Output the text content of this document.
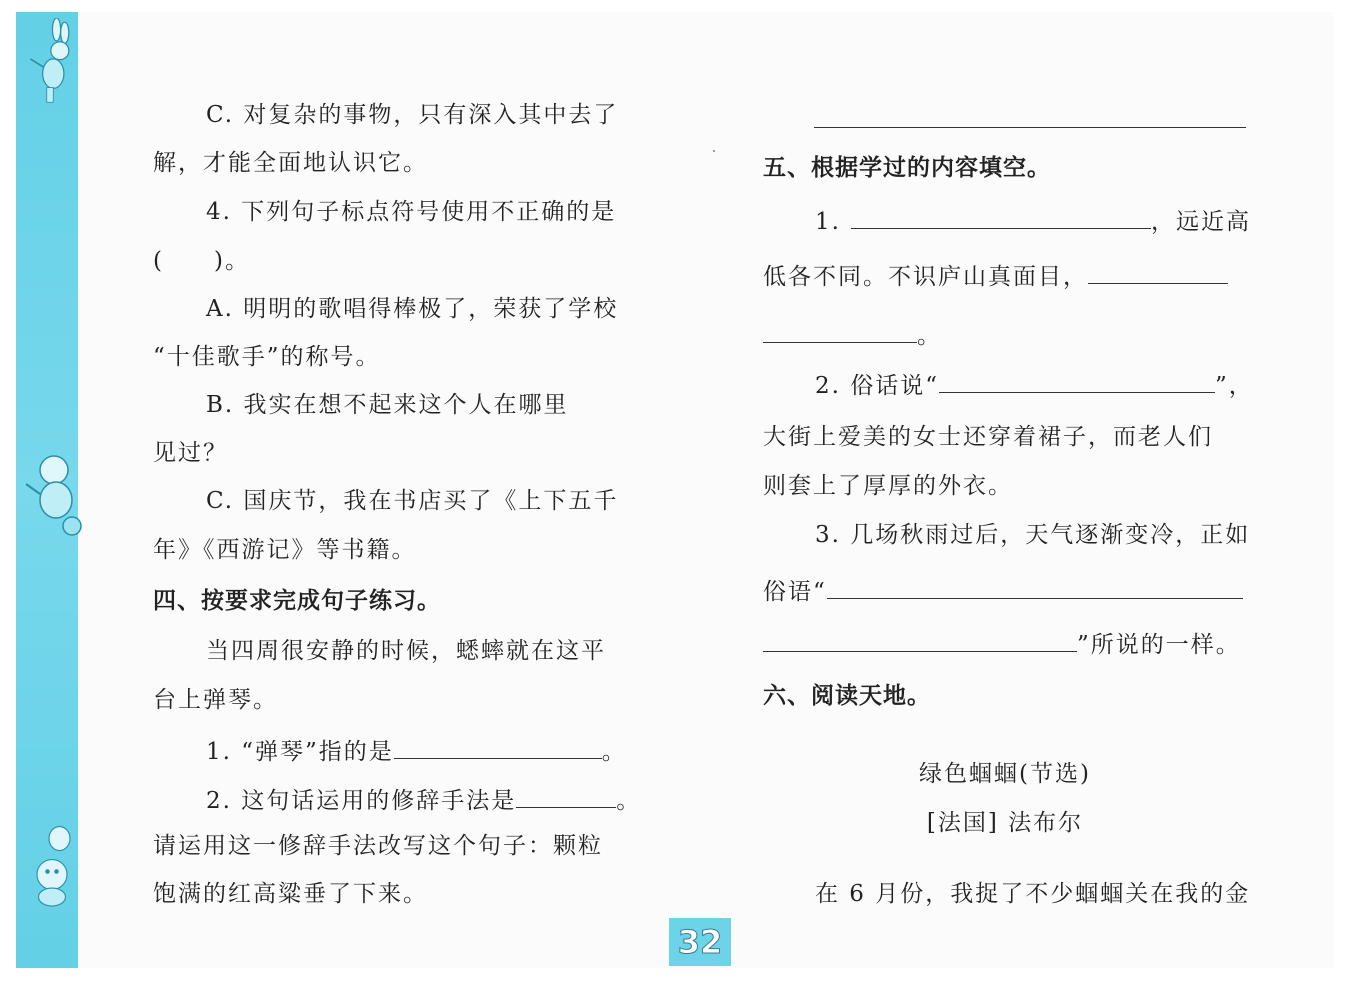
C. 对复杂的事物，只有深入其中去了
解，才能全面地认识它。
4. 下列句子标点符号使用不正确的是
(　　)。
A. 明明的歌唱得棒极了，荣获了学校
“十佳歌手”的称号。
B. 我实在想不起来这个人在哪里
见过？
C. 国庆节，我在书店买了《上下五千
年》《西游记》等书籍。
四、按要求完成句子练习。
当四周很安静的时候，蟋蟀就在这平
台上弹琴。
1. “弹琴”指的是	。
2. 这句话运用的修辞手法是	。
请运用这一修辞手法改写这个句子：颗粒
饱满的红高粱垂了下来。
五、根据学过的内容填空。
1.	，远近高
低各不同。不识庐山真面目，
。
2. 俗话说“	”，
大街上爱美的女士还穿着裙子，而老人们
则套上了厚厚的外衣。
3. 几场秋雨过后，天气逐渐变冷，正如
俗语“
”所说的一样。
六、阅读天地。
绿色蝈蝈(节选)
[法国] 法布尔
在 6 月份，我捉了不少蝈蝈关在我的金
32
